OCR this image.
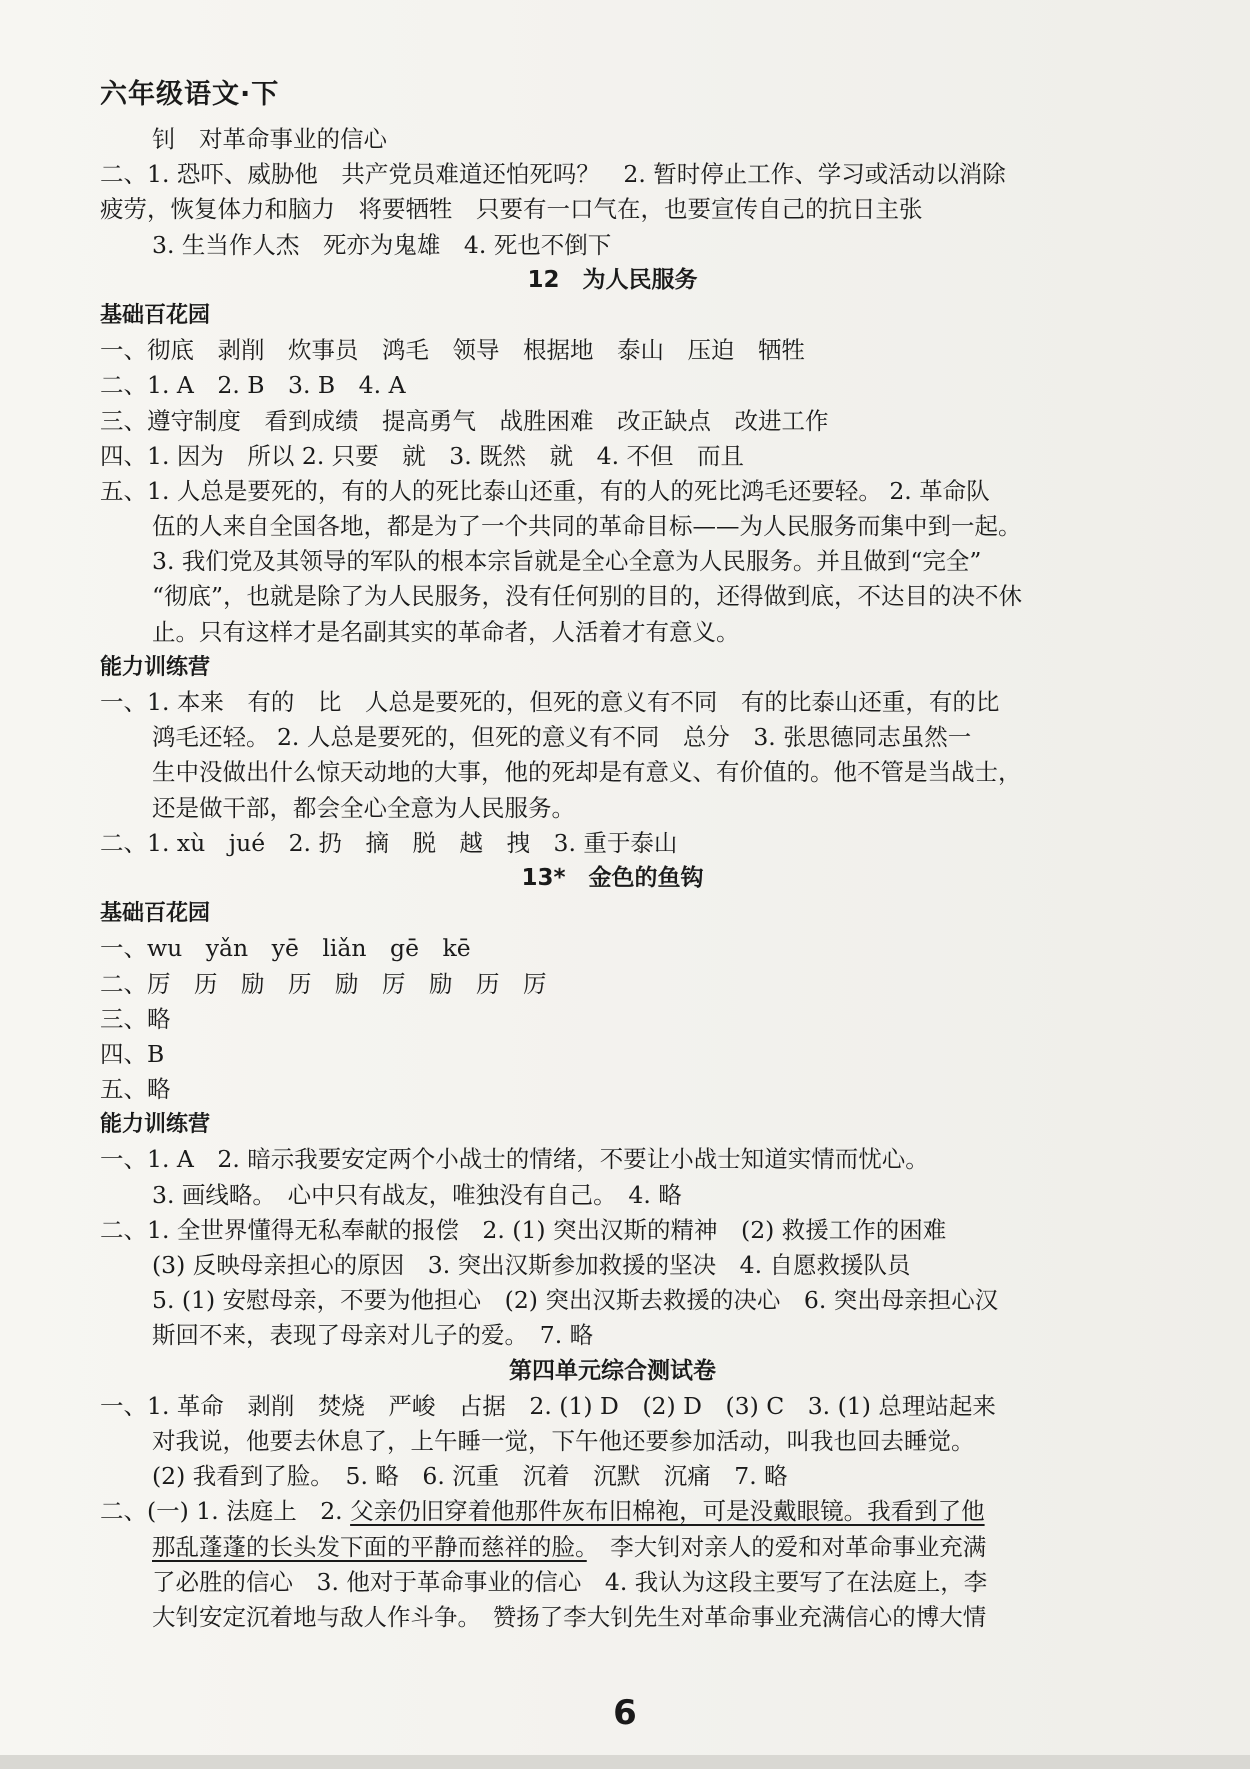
六年级语文·下
钊　对革命事业的信心
二、1. 恐吓、威胁他　共产党员难道还怕死吗？　2. 暂时停止工作、学习或活动以消除
疲劳，恢复体力和脑力　将要牺牲　只要有一口气在，也要宣传自己的抗日主张
3. 生当作人杰　死亦为鬼雄　4. 死也不倒下
12　为人民服务
基础百花园
一、彻底　剥削　炊事员　鸿毛　领导　根据地　泰山　压迫　牺牲
二、1. A　2. B　3. B　4. A
三、遵守制度　看到成绩　提高勇气　战胜困难　改正缺点　改进工作
四、1. 因为　所以 2. 只要　就　3. 既然　就　4. 不但　而且
五、1. 人总是要死的，有的人的死比泰山还重，有的人的死比鸿毛还要轻。 2. 革命队
伍的人来自全国各地，都是为了一个共同的革命目标——为人民服务而集中到一起。
3. 我们党及其领导的军队的根本宗旨就是全心全意为人民服务。并且做到“完全”
“彻底”，也就是除了为人民服务，没有任何别的目的，还得做到底，不达目的决不休
止。只有这样才是名副其实的革命者，人活着才有意义。
能力训练营
一、1. 本来　有的　比　人总是要死的，但死的意义有不同　有的比泰山还重，有的比
鸿毛还轻。 2. 人总是要死的，但死的意义有不同　总分　3. 张思德同志虽然一
生中没做出什么惊天动地的大事，他的死却是有意义、有价值的。他不管是当战士，
还是做干部，都会全心全意为人民服务。
二、1. xù　jué　2. 扔　摘　脱　越　拽　3. 重于泰山
13*　金色的鱼钩
基础百花园
一、wu　yǎn　yē　liǎn　gē　kē
二、厉　历　励　历　励　厉　励　历　厉
三、略
四、B
五、略
能力训练营
一、1. A　2. 暗示我要安定两个小战士的情绪，不要让小战士知道实情而忧心。
3. 画线略。　心中只有战友，唯独没有自己。　4. 略
二、1. 全世界懂得无私奉献的报偿　2. (1) 突出汉斯的精神　(2) 救援工作的困难
(3) 反映母亲担心的原因　3. 突出汉斯参加救援的坚决　4. 自愿救援队员
5. (1) 安慰母亲，不要为他担心　(2) 突出汉斯去救援的决心　6. 突出母亲担心汉
斯回不来，表现了母亲对儿子的爱。　7. 略
第四单元综合测试卷
一、1. 革命　剥削　焚烧　严峻　占据　2. (1) D　(2) D　(3) C　3. (1) 总理站起来
对我说，他要去休息了，上午睡一觉，下午他还要参加活动，叫我也回去睡觉。
(2) 我看到了脸。　5. 略　6. 沉重　沉着　沉默　沉痛　7. 略
二、(一) 1. 法庭上　2. 父亲仍旧穿着他那件灰布旧棉袍，可是没戴眼镜。我看到了他
那乱蓬蓬的长头发下面的平静而慈祥的脸。　李大钊对亲人的爱和对革命事业充满
了必胜的信心　3. 他对于革命事业的信心　4. 我认为这段主要写了在法庭上，李
大钊安定沉着地与敌人作斗争。　赞扬了李大钊先生对革命事业充满信心的博大情
6
